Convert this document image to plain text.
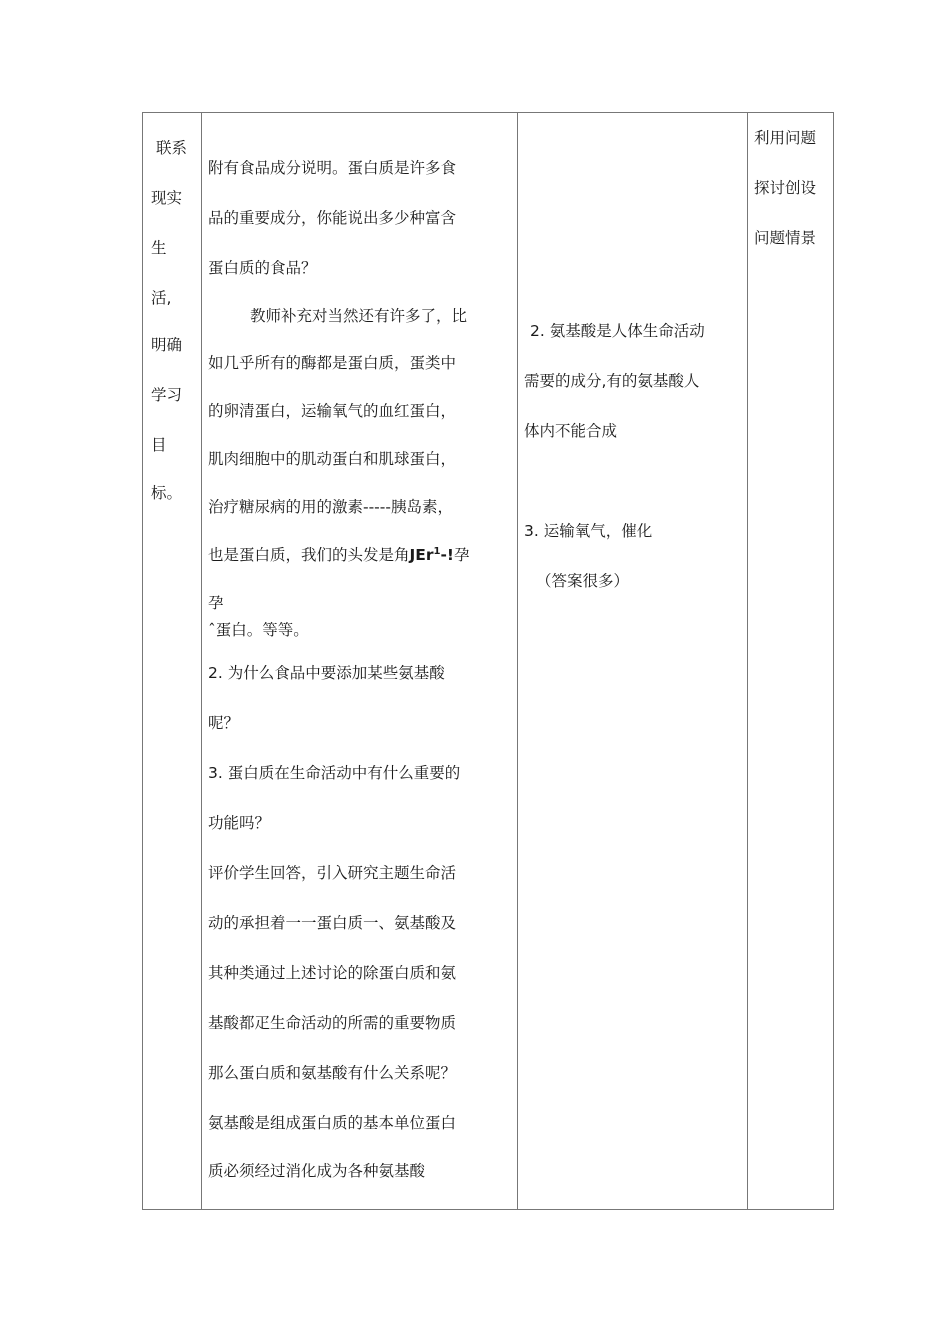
联系
现实
生
活,
明确
学习
目
标。
附有食品成分说明。蛋白质是许多食
品的重要成分，你能说出多少种富含
蛋白质的食品？
教师补充对当然还有许多了，比
如几乎所有的酶都是蛋白质，蛋类中
的卵清蛋白，运输氧气的血红蛋白，
肌肉细胞中的肌动蛋白和肌球蛋白，
治疗糖尿病的用的激素-----胰岛素，
也是蛋白质，我们的头发是角JEr$^1$-!孕
孕
ˆ蛋白。等等。
2. 为什么食品中要添加某些氨基酸
呢？
3. 蛋白质在生命活动中有什么重要的
功能吗？
评价学生回答，引入研究主题生命活
动的承担着一一蛋白质一、氨基酸及
其种类通过上述讨论的除蛋白质和氨
基酸都疋生命活动的所需的重要物质
那么蛋白质和氨基酸有什么关系呢？
氨基酸是组成蛋白质的基本单位蛋白
质必须经过消化成为各种氨基酸
2. 氨基酸是人体生命活动
需要的成分,有的氨基酸人
体内不能合成
3. 运输氧气，催化
（答案很多）
利用问题
探讨创设
问题情景
